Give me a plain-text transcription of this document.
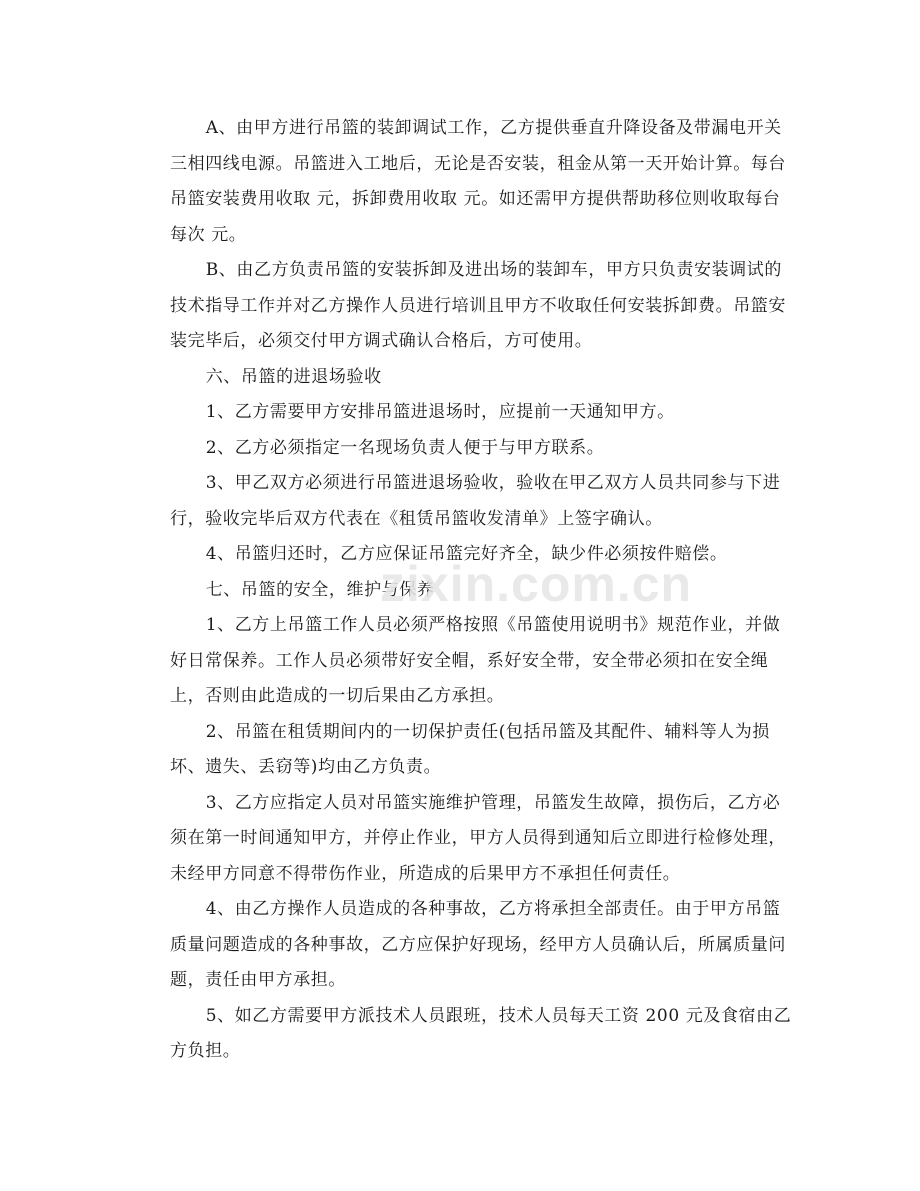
A、由甲方进行吊篮的装卸调试工作，乙方提供垂直升降设备及带漏电开关三相四线电源。吊篮进入工地后，无论是否安装，租金从第一天开始计算。每台吊篮安装费用收取 元，拆卸费用收取 元。如还需甲方提供帮助移位则收取每台每次 元。

B、由乙方负责吊篮的安装拆卸及进出场的装卸车，甲方只负责安装调试的技术指导工作并对乙方操作人员进行培训且甲方不收取任何安装拆卸费。吊篮安装完毕后，必须交付甲方调式确认合格后，方可使用。

六、吊篮的进退场验收

1、乙方需要甲方安排吊篮进退场时，应提前一天通知甲方。

2、乙方必须指定一名现场负责人便于与甲方联系。

3、甲乙双方必须进行吊篮进退场验收，验收在甲乙双方人员共同参与下进行，验收完毕后双方代表在《租赁吊篮收发清单》上签字确认。

4、吊篮归还时，乙方应保证吊篮完好齐全，缺少件必须按件赔偿。

七、吊篮的安全，维护与保养

1、乙方上吊篮工作人员必须严格按照《吊篮使用说明书》规范作业，并做好日常保养。工作人员必须带好安全帽，系好安全带，安全带必须扣在安全绳上，否则由此造成的一切后果由乙方承担。

2、吊篮在租赁期间内的一切保护责任(包括吊篮及其配件、辅料等人为损坏、遗失、丢窃等)均由乙方负责。

3、乙方应指定人员对吊篮实施维护管理，吊篮发生故障，损伤后，乙方必须在第一时间通知甲方，并停止作业，甲方人员得到通知后立即进行检修处理，未经甲方同意不得带伤作业，所造成的后果甲方不承担任何责任。

4、由乙方操作人员造成的各种事故，乙方将承担全部责任。由于甲方吊篮质量问题造成的各种事故，乙方应保护好现场，经甲方人员确认后，所属质量问题，责任由甲方承担。

5、如乙方需要甲方派技术人员跟班，技术人员每天工资 200 元及食宿由乙方负担。

zixin.com.cn
